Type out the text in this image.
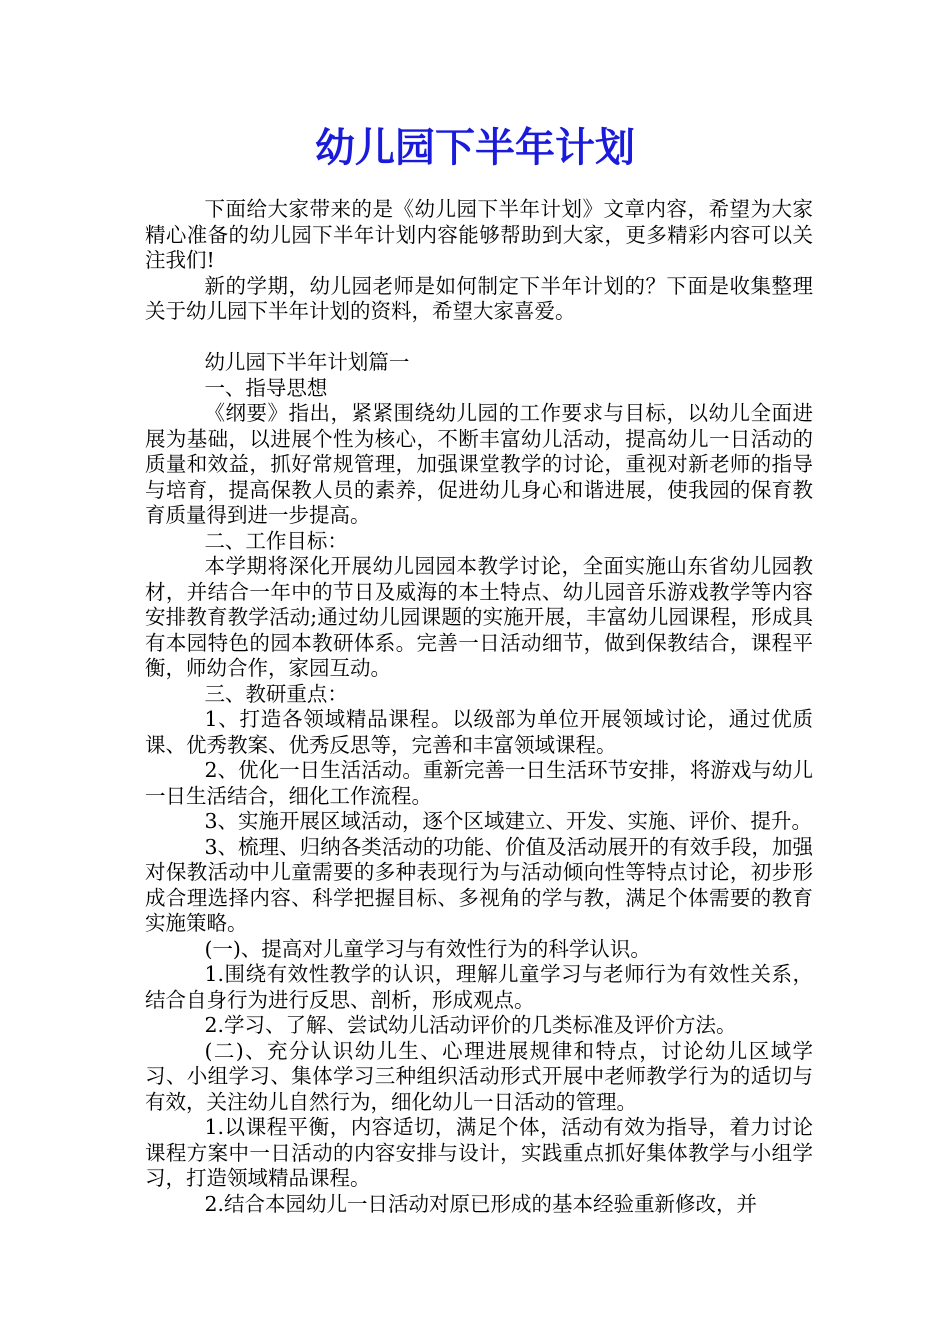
幼儿园下半年计划

下面给大家带来的是《幼儿园下半年计划》文章内容，希望为大家精心准备的幼儿园下半年计划内容能够帮助到大家，更多精彩内容可以关注我们!

新的学期，幼儿园老师是如何制定下半年计划的？下面是收集整理关于幼儿园下半年计划的资料，希望大家喜爱。

幼儿园下半年计划篇一

一、指导思想

《纲要》指出，紧紧围绕幼儿园的工作要求与目标，以幼儿全面进展为基础，以进展个性为核心，不断丰富幼儿活动，提高幼儿一日活动的质量和效益，抓好常规管理，加强课堂教学的讨论，重视对新老师的指导与培育，提高保教人员的素养，促进幼儿身心和谐进展，使我园的保育教育质量得到进一步提高。

二、工作目标：

本学期将深化开展幼儿园园本教学讨论，全面实施山东省幼儿园教材，并结合一年中的节日及威海的本土特点、幼儿园音乐游戏教学等内容安排教育教学活动;通过幼儿园课题的实施开展，丰富幼儿园课程，形成具有本园特色的园本教研体系。完善一日活动细节，做到保教结合，课程平衡，师幼合作，家园互动。

三、教研重点：

1、打造各领域精品课程。以级部为单位开展领域讨论，通过优质课、优秀教案、优秀反思等，完善和丰富领域课程。

2、优化一日生活活动。重新完善一日生活环节安排，将游戏与幼儿一日生活结合，细化工作流程。

3、实施开展区域活动，逐个区域建立、开发、实施、评价、提升。

3、梳理、归纳各类活动的功能、价值及活动展开的有效手段，加强对保教活动中儿童需要的多种表现行为与活动倾向性等特点讨论，初步形成合理选择内容、科学把握目标、多视角的学与教，满足个体需要的教育实施策略。

(一)、提高对儿童学习与有效性行为的科学认识。

1.围绕有效性教学的认识，理解儿童学习与老师行为有效性关系，结合自身行为进行反思、剖析，形成观点。

2.学习、了解、尝试幼儿活动评价的几类标准及评价方法。

(二)、充分认识幼儿生、心理进展规律和特点，讨论幼儿区域学习、小组学习、集体学习三种组织活动形式开展中老师教学行为的适切与有效，关注幼儿自然行为，细化幼儿一日活动的管理。

1.以课程平衡，内容适切，满足个体，活动有效为指导，着力讨论课程方案中一日活动的内容安排与设计，实践重点抓好集体教学与小组学习，打造领域精品课程。

2.结合本园幼儿一日活动对原已形成的基本经验重新修改，并
